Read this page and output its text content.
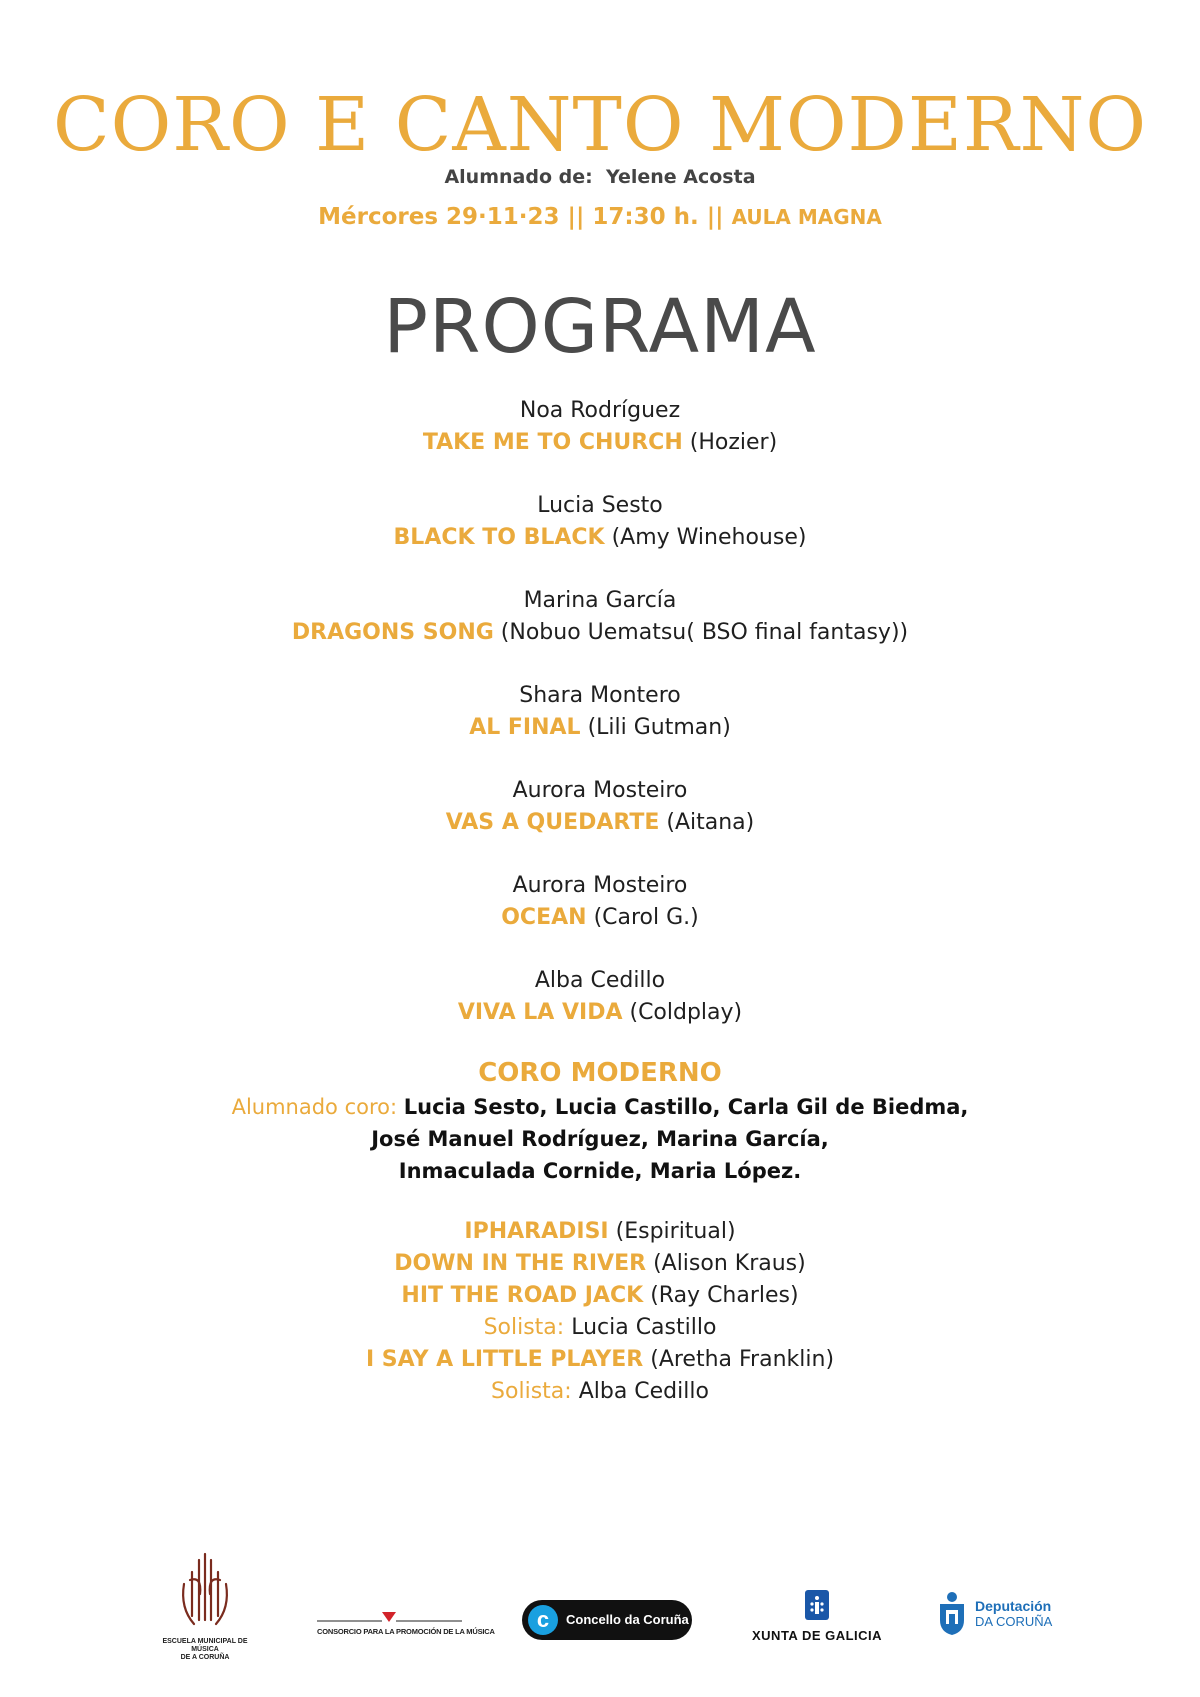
CORO E CANTO MODERNO
Alumnado de: Yelene Acosta
Mércores 29·11·23 || 17:30 h. || AULA MAGNA
PROGRAMA
Noa Rodríguez
TAKE ME TO CHURCH (Hozier)
Lucia Sesto
BLACK TO BLACK (Amy Winehouse)
Marina García
DRAGONS SONG (Nobuo Uematsu( BSO final fantasy))
Shara Montero
AL FINAL (Lili Gutman)
Aurora Mosteiro
VAS A QUEDARTE (Aitana)
Aurora Mosteiro
OCEAN (Carol G.)
Alba Cedillo
VIVA LA VIDA (Coldplay)
CORO MODERNO
Alumnado coro: Lucia Sesto, Lucia Castillo, Carla Gil de Biedma,
José Manuel Rodríguez, Marina García,
Inmaculada Cornide, Maria López.
IPHARADISI (Espiritual)
DOWN IN THE RIVER (Alison Kraus)
HIT THE ROAD JACK (Ray Charles)
Solista: Lucia Castillo
I SAY A LITTLE PLAYER (Aretha Franklin)
Solista: Alba Cedillo
ESCUELA MUNICIPAL DE MÚSICA
DE A CORUÑA
CONSORCIO PARA LA PROMOCIÓN DE LA MÚSICA	c	Concello da Coruña
XUNTA DE GALICIA
Deputación
DA CORUÑA
